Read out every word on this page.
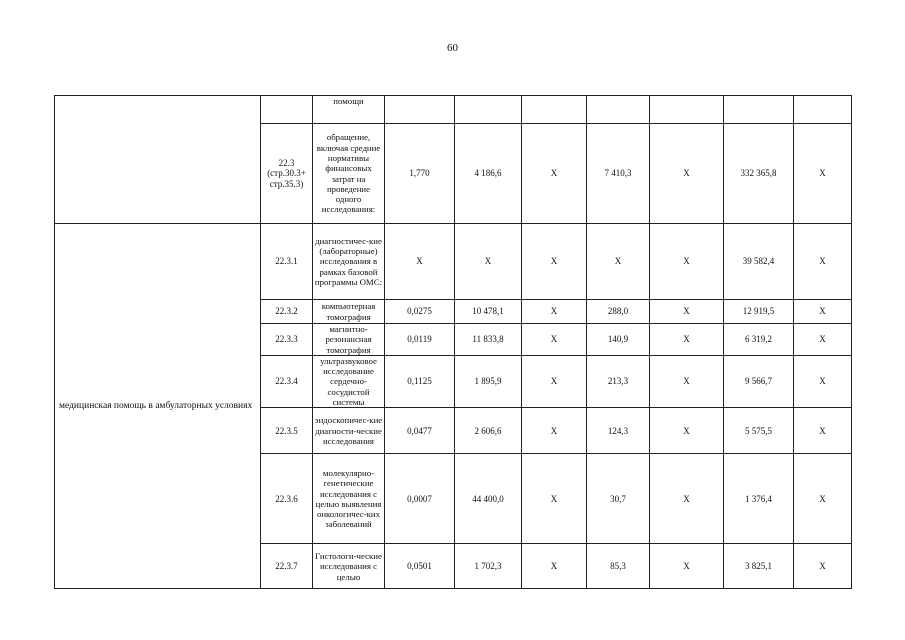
60
		помощи							
	22.3 (стр.30.3+ стр.35.3)	обращение, включая средние нормативы финансовых затрат на проведение одного исследования:	1,770	4 186,6	X	7 410,3	X	332 365,8	X
медицинская помощь в амбулаторных условиях	22.3.1	диагностичес-кие (лабораторные) исследования в рамках базовой программы ОМС:	X	X	X	X	X	39 582,4	X
	22.3.2	компьютерная томография	0,0275	10 478,1	X	288,0	X	12 919,5	X
	22.3.3	магнитно-резонансная томография	0,0119	11 833,8	X	140,9	X	6 319,2	X
	22.3.4	ультразвуковое исследование сердечно-сосудистой системы	0,1125	1 895,9	X	213,3	X	9 566,7	X
	22.3.5	эндоскопичес-кие диагности-ческие исследования	0,0477	2 606,6	X	124,3	X	5 575,5	X
	22.3.6	молекулярно-генетические исследования с целью выявления онкологичес-ких заболеваний	0,0007	44 400,0	X	30,7	X	1 376,4	X
	22.3.7	Гистологи-ческие исследования с целью	0,0501	1 702,3	X	85,3	X	3 825,1	X
